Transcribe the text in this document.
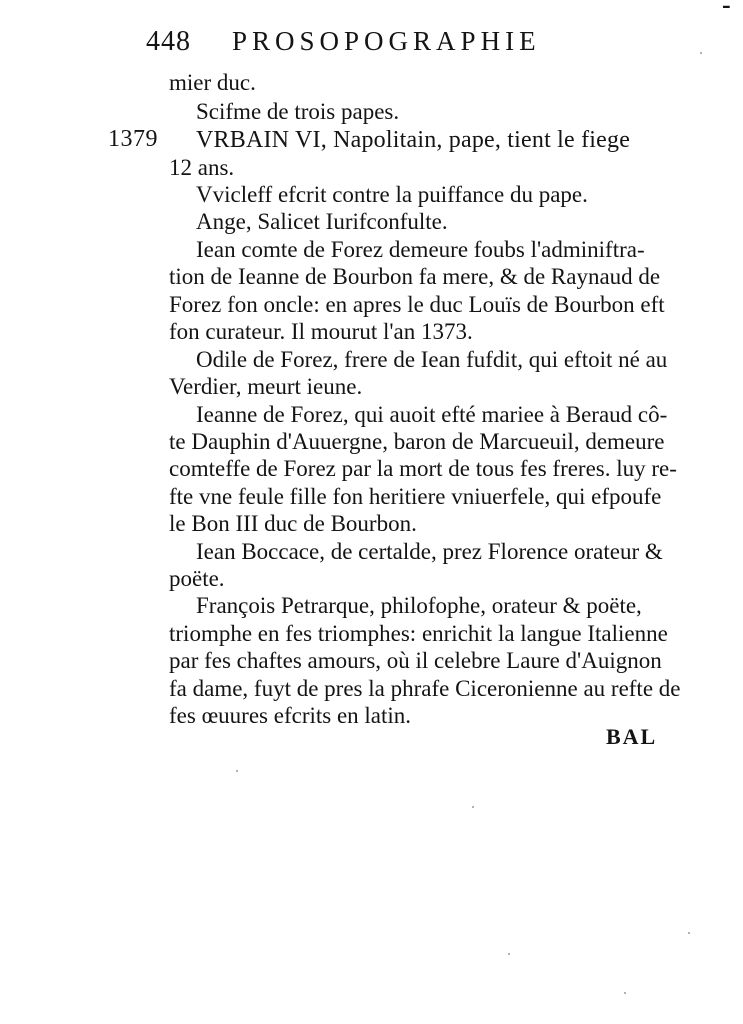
448 PROSOPOGRAPHIE
-
1379
mier duc.
Scifme de trois papes.
VRBAIN VI, Napolitain, pape, tient le fiege
12 ans.
Vvicleff efcrit contre la puiffance du pape.
Ange, Salicet Iurifconfulte.
Iean comte de Forez demeure foubs l'adminiftra-
tion de Ieanne de Bourbon fa mere, & de Raynaud de
Forez fon oncle: en apres le duc Louïs de Bourbon eft
fon curateur. Il mourut l'an 1373.
Odile de Forez, frere de Iean fufdit, qui eftoit né au
Verdier, meurt ieune.
Ieanne de Forez, qui auoit efté mariee à Beraud cô-
te Dauphin d'Auuergne, baron de Marcueuil, demeure
comteffe de Forez par la mort de tous fes freres. luy re-
fte vne feule fille fon heritiere vniuerfele, qui efpoufe
le Bon III duc de Bourbon.
Iean Boccace, de certalde, prez Florence orateur &
poëte.
François Petrarque, philofophe, orateur & poëte,
triomphe en fes triomphes: enrichit la langue Italienne
par fes chaftes amours, où il celebre Laure d'Auignon
fa dame, fuyt de pres la phrafe Ciceronienne au refte de
fes œuures efcrits en latin.
BAL
